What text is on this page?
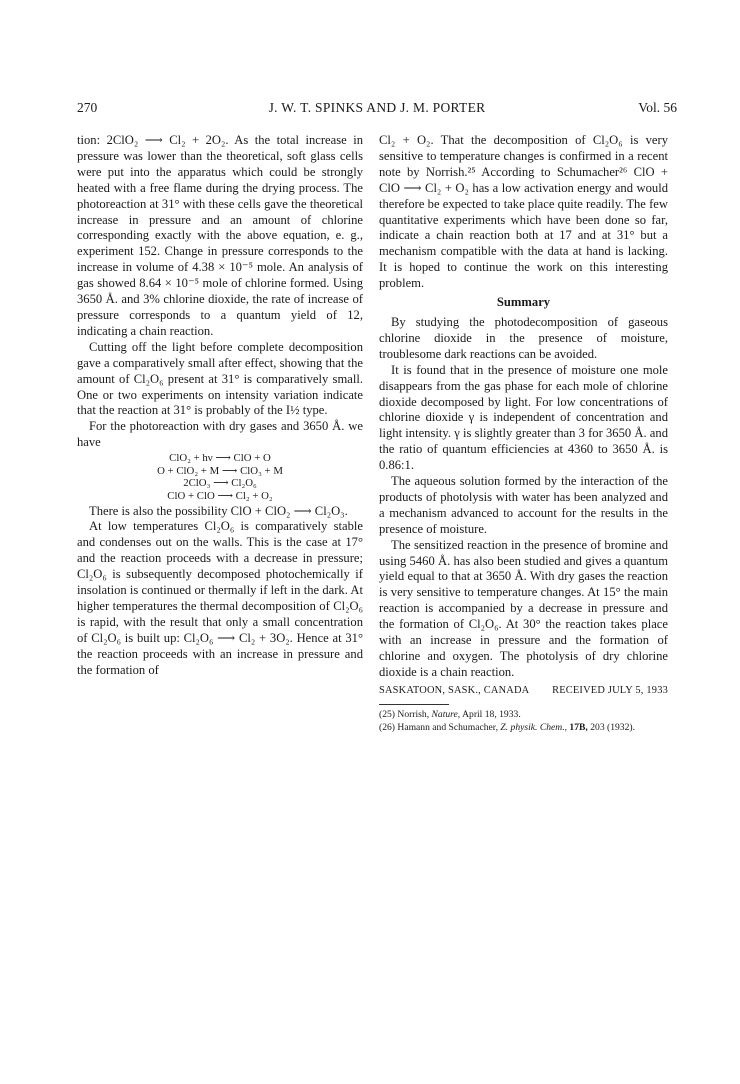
270	J. W. T. SPINKS AND J. M. PORTER	Vol. 56

tion: 2ClO₂ ⟶ Cl₂ + 2O₂. As the total increase in pressure was lower than the theoretical, soft glass cells were put into the apparatus which could be strongly heated with a free flame during the drying process. The photoreaction at 31° with these cells gave the theoretical increase in pressure and an amount of chlorine corresponding exactly with the above equation, e. g., experiment 152. Change in pressure corresponds to the increase in volume of 4.38 × 10⁻⁵ mole. An analysis of gas showed 8.64 × 10⁻⁵ mole of chlorine formed. Using 3650 Å. and 3% chlorine dioxide, the rate of increase of pressure corresponds to a quantum yield of 12, indicating a chain reaction.

Cutting off the light before complete decomposition gave a comparatively small after effect, showing that the amount of Cl₂O₆ present at 31° is comparatively small. One or two experiments on intensity variation indicate that the reaction at 31° is probably of the I½ type.

For the photoreaction with dry gases and 3650 Å. we have

ClO₂ + hν ⟶ ClO + O
O + ClO₂ + M ⟶ ClO₃ + M
2ClO₃ ⟶ Cl₂O₆
ClO + ClO ⟶ Cl₂ + O₂

There is also the possibility ClO + ClO₂ ⟶ Cl₂O₃.

At low temperatures Cl₂O₆ is comparatively stable and condenses out on the walls. This is the case at 17° and the reaction proceeds with a decrease in pressure; Cl₂O₆ is subsequently decomposed photochemically if insolation is continued or thermally if left in the dark. At higher temperatures the thermal decomposition of Cl₂O₆ is rapid, with the result that only a small concentration of Cl₂O₆ is built up: Cl₂O₆ ⟶ Cl₂ + 3O₂. Hence at 31° the reaction proceeds with an increase in pressure and the formation of

Cl₂ + O₂. That the decomposition of Cl₂O₆ is very sensitive to temperature changes is confirmed in a recent note by Norrish.²⁵ According to Schumacher²⁶ ClO + ClO ⟶ Cl₂ + O₂ has a low activation energy and would therefore be expected to take place quite readily. The few quantitative experiments which have been done so far, indicate a chain reaction both at 17 and at 31° but a mechanism compatible with the data at hand is lacking. It is hoped to continue the work on this interesting problem.

Summary

By studying the photodecomposition of gaseous chlorine dioxide in the presence of moisture, troublesome dark reactions can be avoided.

It is found that in the presence of moisture one mole disappears from the gas phase for each mole of chlorine dioxide decomposed by light. For low concentrations of chlorine dioxide γ is independent of concentration and light intensity. γ is slightly greater than 3 for 3650 Å. and the ratio of quantum efficiencies at 4360 to 3650 Å. is 0.86:1.

The aqueous solution formed by the interaction of the products of photolysis with water has been analyzed and a mechanism advanced to account for the results in the presence of moisture.

The sensitized reaction in the presence of bromine and using 5460 Å. has also been studied and gives a quantum yield equal to that at 3650 Å. With dry gases the reaction is very sensitive to temperature changes. At 15° the main reaction is accompanied by a decrease in pressure and the formation of Cl₂O₆. At 30° the reaction takes place with an increase in pressure and the formation of chlorine and oxygen. The photolysis of dry chlorine dioxide is a chain reaction.

SASKATOON, SASK., CANADA RECEIVED JULY 5, 1933
(25) Norrish, Nature, April 18, 1933.
(26) Hamann and Schumacher, Z. physik. Chem., 17B, 203 (1932).
